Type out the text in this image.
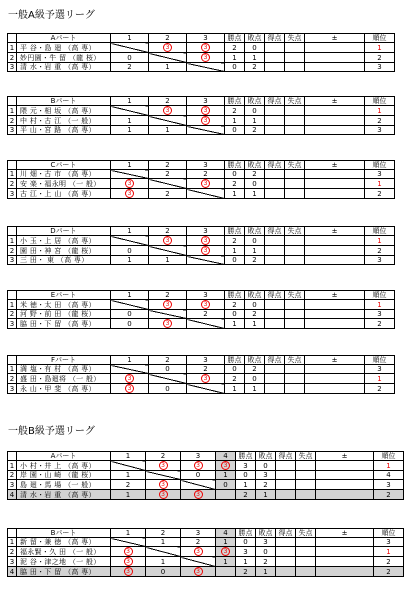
一般A級予選リーグ
	Aパート	1	2	3	勝点	敗点	得点	失点	±	順位
1	平 谷・島 廻 （高 専）		3	3	2	0				1
2	妙円園・牛 留 （龍 桜）	0		3	1	1				2
3	清 水・岩 重 （高 専）	2	1		0	2				3
	Bパート	1	2	3	勝点	敗点	得点	失点	±	順位
1	隈 元・相 坂 （高 専）		3	3	2	0				1
2	中 村・古 江 （一 般）	1		3	1	1				2
3	平 山・宮 路 （高 専）	1	1		0	2				3
	Cパート	1	2	3	勝点	敗点	得点	失点	±	順位
1	川 畑・古 市 （高 専）		2	2	0	2				3
2	安 楽・福永明 （一 般）	3		3	2	0				1
3	古 江・上 山 （高 専）	3	2		1	1				2
	Dパート	1	2	3	勝点	敗点	得点	失点	±	順位
1	小 玉・上 居 （高 専）		3	3	2	0				1
2	園 田・神 宮 （龍 桜）	0		3	1	1				2
3	三 田・ 東 （高 専）	1	1		0	2				3
	Eパート	1	2	3	勝点	敗点	得点	失点	±	順位
1	米 徳・太 田 （高 専）		3	3	2	0				1
2	河 野・前 田 （龍 桜）	0		2	0	2				3
3	脇 田・下 留 （高 専）	0	3		1	1				2
	Fパート	1	2	3	勝点	敗点	得点	失点	±	順位
1	満 塩・有 村 （高 専）		0	2	0	2				3
2	盛 田・島廻将 （一 般）	3		3	2	0				1
3	永 山・甲 斐 （高 専）	3	0		1	1				2
一般B級予選リーグ
	Aパート	1	2	3	4	勝点	敗点	得点	失点	±	順位
1	小 村・井 上 （高 専）		3	3	3	3	0				1
2	岸 園・山 崎 （龍 桜）	1		0	1	0	3				4
3	島 廻・馬 場 （一 般）	2	3		0	1	2				3
4	清 水・岩 重 （高 専）	1	3	3		2	1				2
	Bパート	1	2	3	4	勝点	敗点	得点	失点	±	順位
1	新 留・兼 徳 （高 専）		1	2	1	0	3				3
2	福永賢・久 田 （一 般）	3		3	3	3	0				1
3	泥 谷・津之地 （一 般）	3	1		1	1	2				2
4	脇 田・下 留 （高 専）	3	0	3		2	1				2
